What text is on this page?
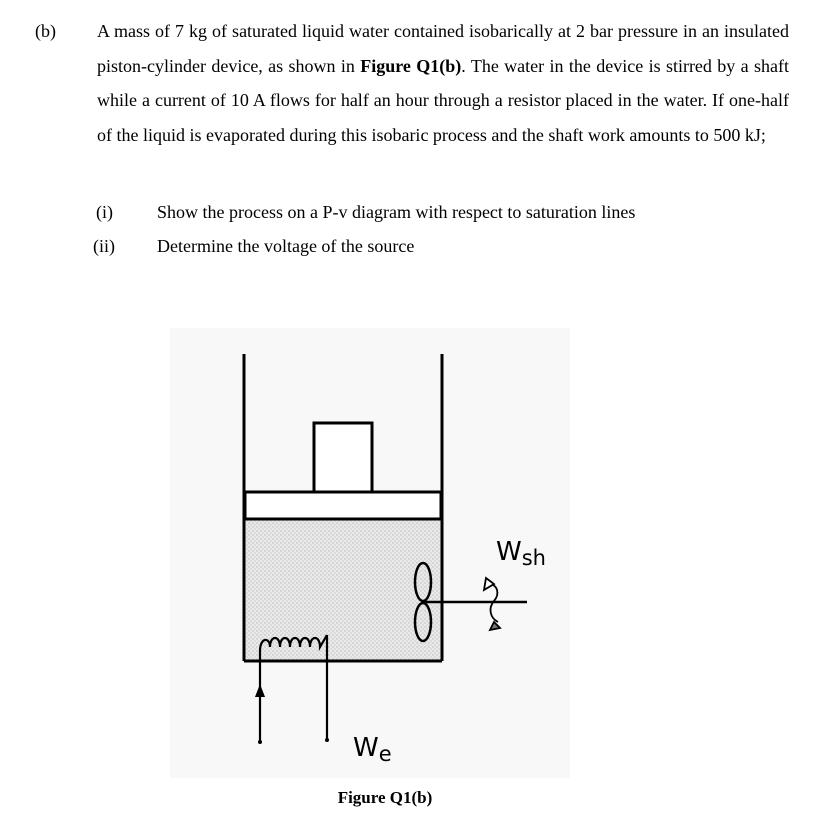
(b) A mass of 7 kg of saturated liquid water contained isobarically at 2 bar pressure in an insulated piston-cylinder device, as shown in Figure Q1(b). The water in the device is stirred by a shaft while a current of 10 A flows for half an hour through a resistor placed in the water. If one-half of the liquid is evaporated during this isobaric process and the shaft work amounts to 500 kJ;
(i) Show the process on a P-v diagram with respect to saturation lines
(ii) Determine the voltage of the source
Wsh
We
Figure Q1(b)
